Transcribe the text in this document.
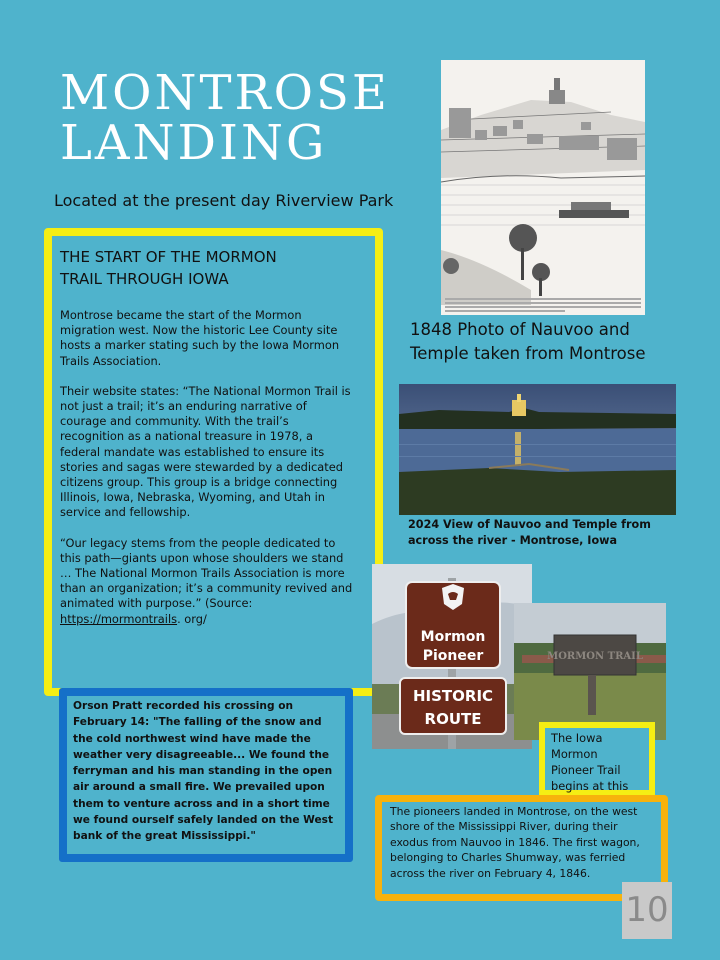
MONTROSE
LANDING
Located at the present day Riverview Park
THE START OF THE MORMON
TRAIL THROUGH IOWA

Montrose became the start of the Mormon migration west. Now the historic Lee County site hosts a marker stating such by the Iowa Mormon Trails Association.

Their website states: “The National Mormon Trail is not just a trail; it’s an enduring narrative of courage and community. With the trail’s recognition as a national treasure in 1978, a federal mandate was established to ensure its stories and sagas were stewarded by a dedicated citizens group. This group is a bridge connecting Illinois, Iowa, Nebraska, Wyoming, and Utah in service and fellowship.

“Our legacy stems from the people dedicated to this path—giants upon whose shoulders we stand … The National Mormon Trails Association is more than an organization; it’s a community revived and animated with purpose.” (Source: https://mormontrails. org/

Orson Pratt recorded his crossing on February 14: "The falling of the snow and the cold northwest wind have made the weather very disagreeable... We found the ferryman and his man standing in the open air around a small fire. We prevailed upon them to venture across and in a short time we found ourself safely landed on the West bank of the great Mississippi."

1848 Photo of Nauvoo and Temple taken from Montrose
2024 View of Nauvoo and Temple from across the river - Montrose, Iowa
Mormon
Pioneer
HISTORIC
ROUTE
MORMON TRAIL

The Iowa Mormon Pioneer Trail begins at this

The pioneers landed in Montrose, on the west shore of the Mississippi River, during their exodus from Nauvoo in 1846. The first wagon, belonging to Charles Shumway, was ferried across the river on February 4, 1846.

10
